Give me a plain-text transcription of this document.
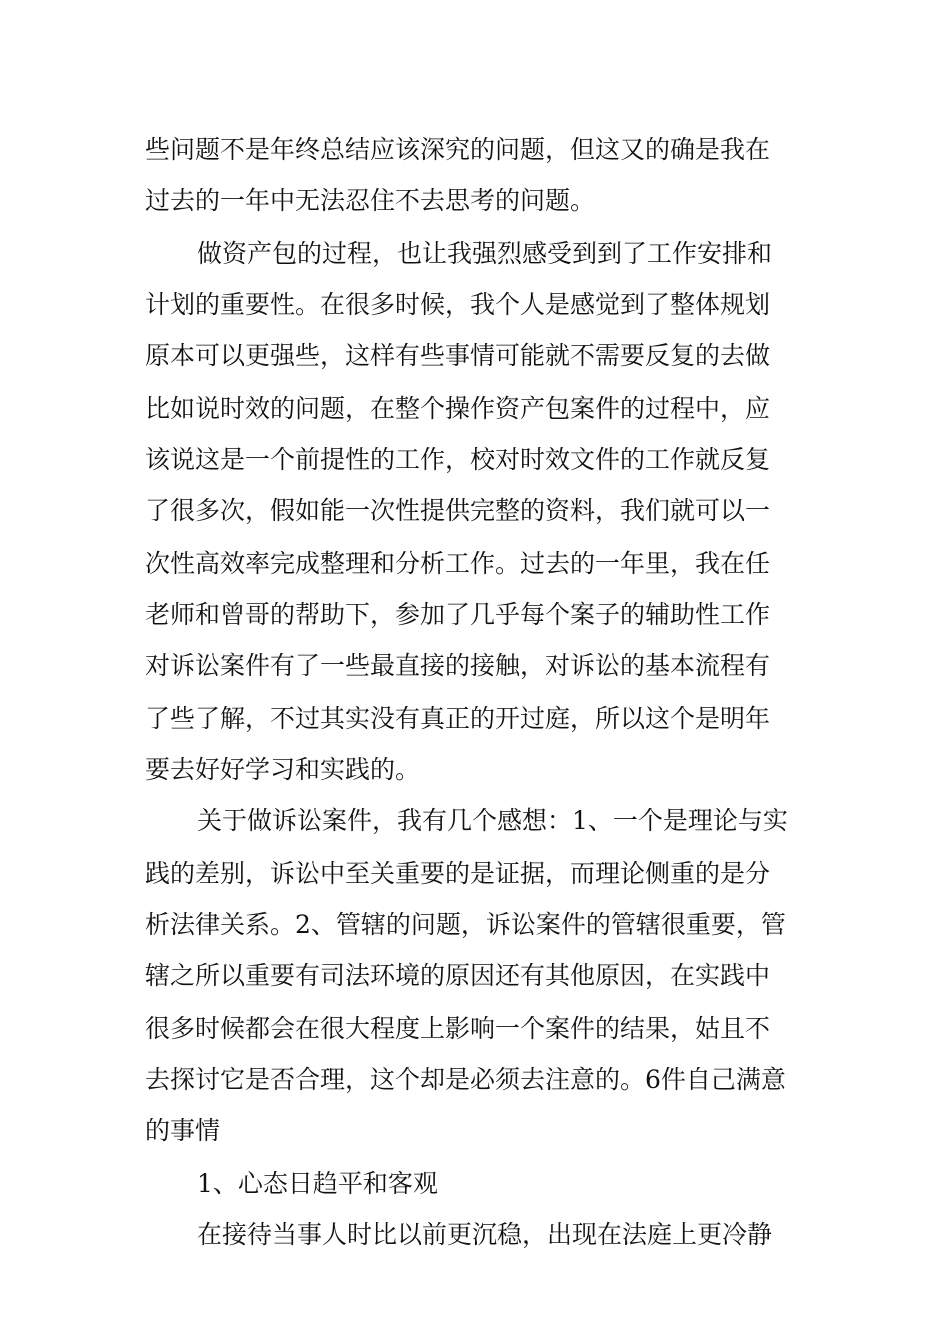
些问题不是年终总结应该深究的问题，但这又的确是我在
过去的一年中无法忍住不去思考的问题。
做资产包的过程，也让我强烈感受到到了工作安排和
计划的重要性。在很多时候，我个人是感觉到了整体规划
原本可以更强些，这样有些事情可能就不需要反复的去做
比如说时效的问题，在整个操作资产包案件的过程中，应
该说这是一个前提性的工作，校对时效文件的工作就反复
了很多次，假如能一次性提供完整的资料，我们就可以一
次性高效率完成整理和分析工作。过去的一年里，我在任
老师和曾哥的帮助下，参加了几乎每个案子的辅助性工作
对诉讼案件有了一些最直接的接触，对诉讼的基本流程有
了些了解，不过其实没有真正的开过庭，所以这个是明年
要去好好学习和实践的。
关于做诉讼案件，我有几个感想：1、一个是理论与实
践的差别，诉讼中至关重要的是证据，而理论侧重的是分
析法律关系。2、管辖的问题，诉讼案件的管辖很重要，管
辖之所以重要有司法环境的原因还有其他原因，在实践中
很多时候都会在很大程度上影响一个案件的结果，姑且不
去探讨它是否合理，这个却是必须去注意的。6件自己满意
的事情
1、心态日趋平和客观
在接待当事人时比以前更沉稳，出现在法庭上更冷静
